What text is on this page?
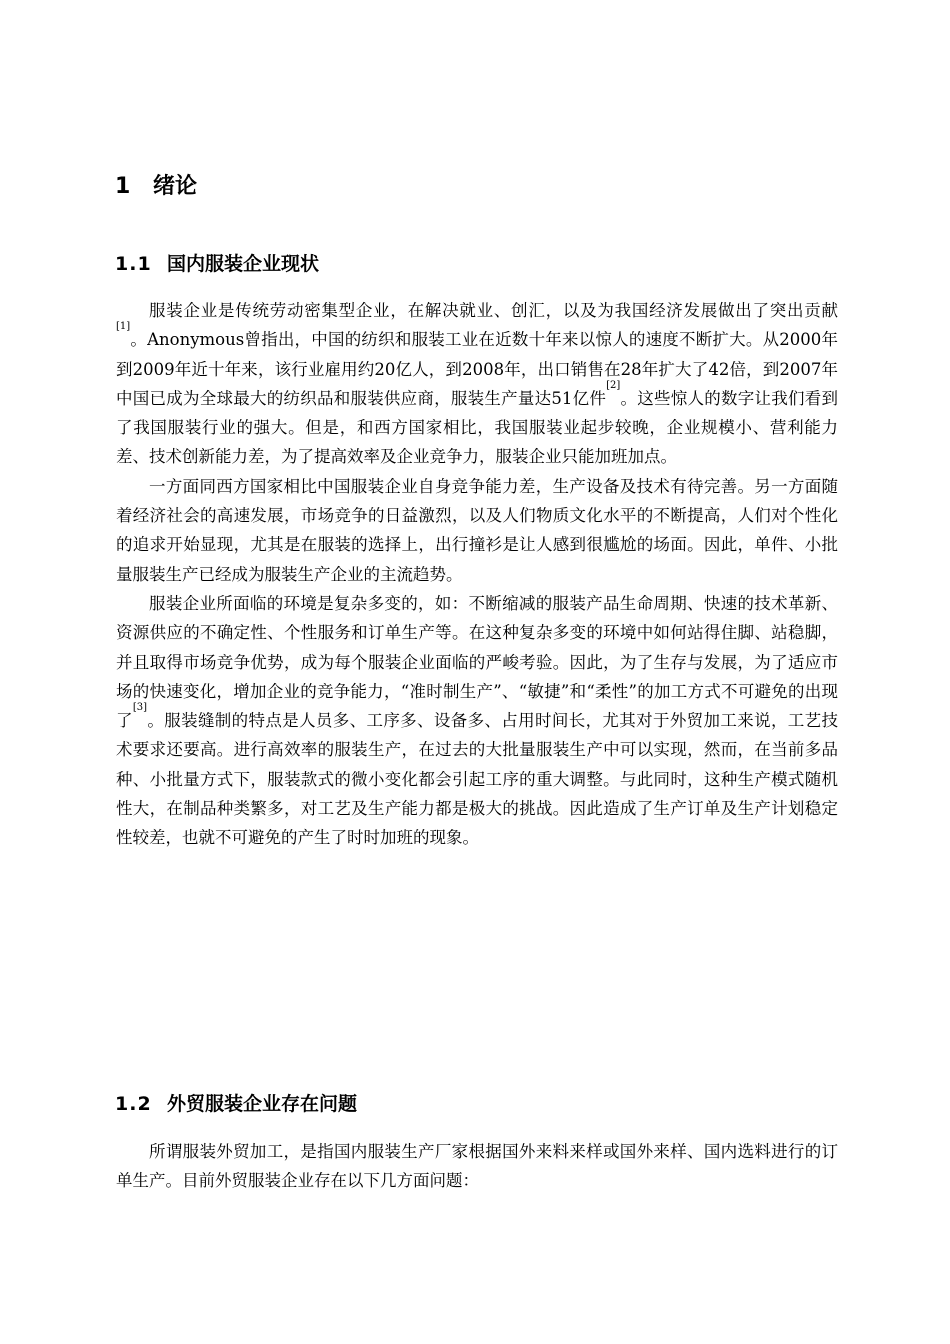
1 绪论
1.1 国内服装企业现状

服装企业是传统劳动密集型企业，在解决就业、创汇，以及为我国经济发展做出了突出贡献[1]。Anonymous曾指出，中国的纺织和服装工业在近数十年来以惊人的速度不断扩大。从2000年到2009年近十年来，该行业雇用约20亿人，到2008年，出口销售在28年扩大了42倍，到2007年中国已成为全球最大的纺织品和服装供应商，服装生产量达51亿件[2]。这些惊人的数字让我们看到了我国服装行业的强大。但是，和西方国家相比，我国服装业起步较晚，企业规模小、营利能力差、技术创新能力差，为了提高效率及企业竞争力，服装企业只能加班加点。

一方面同西方国家相比中国服装企业自身竞争能力差，生产设备及技术有待完善。另一方面随着经济社会的高速发展，市场竞争的日益激烈，以及人们物质文化水平的不断提高，人们对个性化的追求开始显现，尤其是在服装的选择上，出行撞衫是让人感到很尴尬的场面。因此，单件、小批量服装生产已经成为服装生产企业的主流趋势。

服装企业所面临的环境是复杂多变的，如：不断缩减的服装产品生命周期、快速的技术革新、资源供应的不确定性、个性服务和订单生产等。在这种复杂多变的环境中如何站得住脚、站稳脚，并且取得市场竞争优势，成为每个服装企业面临的严峻考验。因此，为了生存与发展，为了适应市场的快速变化，增加企业的竞争能力，“准时制生产”、“敏捷”和“柔性”的加工方式不可避免的出现了[3]。服装缝制的特点是人员多、工序多、设备多、占用时间长，尤其对于外贸加工来说，工艺技术要求还要高。进行高效率的服装生产，在过去的大批量服装生产中可以实现，然而，在当前多品种、小批量方式下，服装款式的微小变化都会引起工序的重大调整。与此同时，这种生产模式随机性大，在制品种类繁多，对工艺及生产能力都是极大的挑战。因此造成了生产订单及生产计划稳定性较差，也就不可避免的产生了时时加班的现象。

1.2 外贸服装企业存在问题

所谓服装外贸加工，是指国内服装生产厂家根据国外来料来样或国外来样、国内选料进行的订单生产。目前外贸服装企业存在以下几方面问题：
